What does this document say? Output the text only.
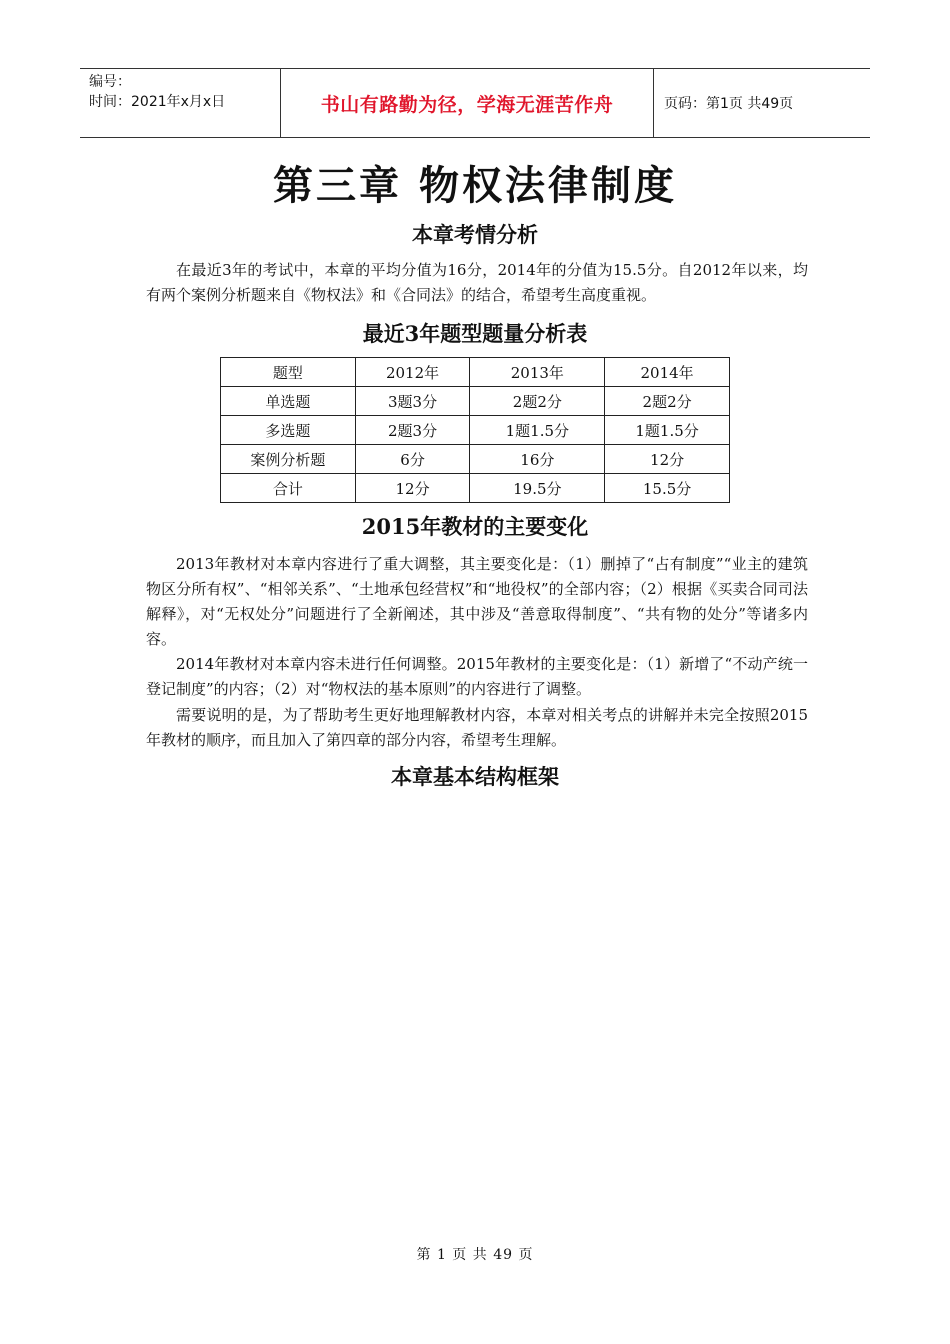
编号：
时间：2021年x月x日	书山有路勤为径，学海无涯苦作舟	页码：第1页 共49页
第三章 物权法律制度
本章考情分析

在最近3年的考试中，本章的平均分值为16分，2014年的分值为15.5分。自2012年以来，均有两个案例分析题来自《物权法》和《合同法》的结合，希望考生高度重视。

最近3年题型题量分析表
题型	2012年	2013年	2014年
单选题	3题3分	2题2分	2题2分
多选题	2题3分	1题1.5分	1题1.5分
案例分析题	6分	16分	12分
合计	12分	19.5分	15.5分
2015年教材的主要变化

2013年教材对本章内容进行了重大调整，其主要变化是：（1）删掉了“占有制度”“业主的建筑物区分所有权”、“相邻关系”、“土地承包经营权”和“地役权”的全部内容；（2）根据《买卖合同司法解释》，对“无权处分”问题进行了全新阐述，其中涉及“善意取得制度”、“共有物的处分”等诸多内容。

2014年教材对本章内容未进行任何调整。2015年教材的主要变化是：（1）新增了“不动产统一登记制度”的内容；（2）对“物权法的基本原则”的内容进行了调整。

需要说明的是，为了帮助考生更好地理解教材内容，本章对相关考点的讲解并未完全按照2015年教材的顺序，而且加入了第四章的部分内容，希望考生理解。

本章基本结构框架
第 1 页 共 49 页
